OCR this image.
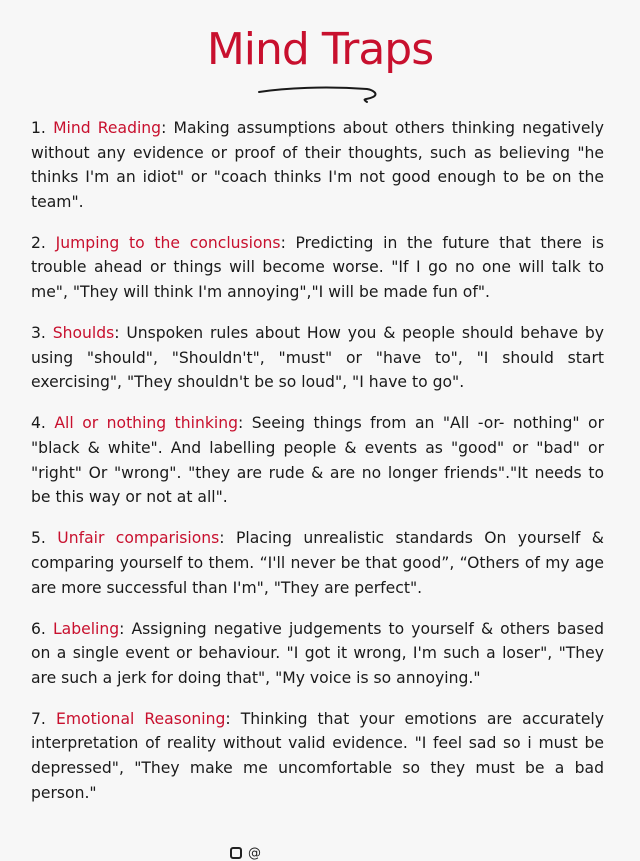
Mind Traps

1. Mind Reading: Making assumptions about others thinking negatively without any evidence or proof of their thoughts, such as believing "he thinks I'm an idiot" or "coach thinks I'm not good enough to be on the team".

2. Jumping to the conclusions: Predicting in the future that there is trouble ahead or things will become worse. "If I go no one will talk to me", "They will think I'm annoying","I will be made fun of".

3. Shoulds: Unspoken rules about How you & people should behave by using "should", "Shouldn't", "must" or "have to", "I should start exercising", "They shouldn't be so loud", "I have to go".

4. All or nothing thinking: Seeing things from an "All -or- nothing" or "black & white". And labelling people & events as "good" or "bad" or "right" Or "wrong". "they are rude & are no longer friends"."It needs to be this way or not at all".

5. Unfair comparisions: Placing unrealistic standards On yourself & comparing yourself to them. “I'll never be that good”, “Others of my age are more successful than I'm", "They are perfect".

6. Labeling: Assigning negative judgements to yourself & others based on a single event or behaviour. "I got it wrong, I'm such a loser", "They are such a jerk for doing that", "My voice is so annoying."

7. Emotional Reasoning: Thinking that your emotions are accurately interpretation of reality without valid evidence. "I feel sad so i must be depressed", "They make me uncomfortable so they must be a bad person."

@
